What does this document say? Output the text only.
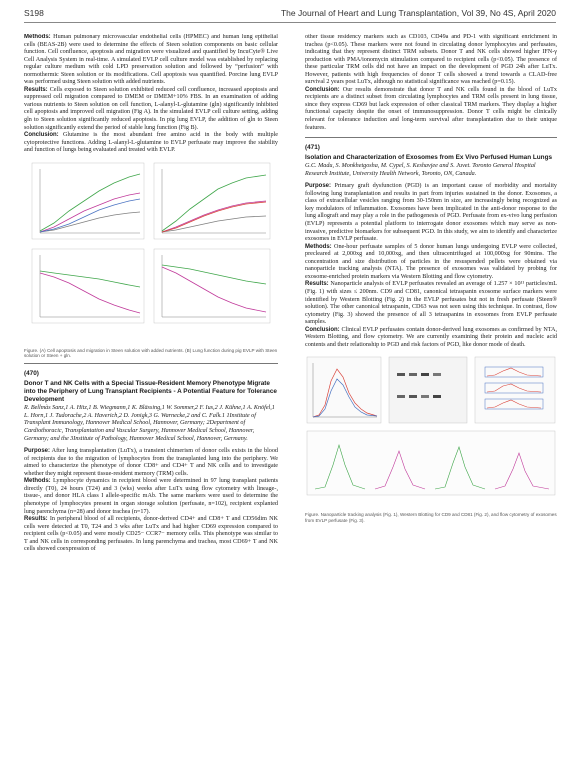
S198	The Journal of Heart and Lung Transplantation, Vol 39, No 4S, April 2020

Methods: Human pulmonary microvascular endothelial cells (HPMEC) and human lung epithelial cells (BEAS-2B) were used to determine the effects of Steen solution components on basic cellular function. Cell confluence, apoptosis and migration were visualized and quantified by IncuCyte® Live Cell Analysis System in real-time. A simulated EVLP cell culture model was established by replacing regular culture medium with cold LPD preservation solution and followed by “perfusion” with normothermic Steen solution or its modifications. Cell apoptosis was quantified. Porcine lung EVLP was performed using Steen solution with added nutrients.

Results: Cells exposed to Steen solution exhibited reduced cell confluence, increased apoptosis and suppressed cell migration compared to DMEM or DMEM+10% FBS. In an examination of adding various nutrients to Steen solution on cell function, L-alanyl-L-glutamine (gln) significantly inhibited cell apoptosis and improved cell migration (Fig A). In the simulated EVLP cell culture setting, adding gln to Steen solution significantly reduced apoptosis. In pig lung EVLP, the addition of gln to Steen solution significantly extend the period of stable lung function (Fig B).

Conclusion: Glutamine is the most abundant free amino acid in the body with multiple cytoprotective functions. Adding L-alanyl-L-glutamine to EVLP perfusate may improve the stability and function of lungs being evaluated and treated with EVLP.

Figure. (A) Cell apoptosis and migration in Steen solution with added nutrients. (B) Lung function during pig EVLP with Steen solution or Steen + gln.
(470)
Donor T and NK Cells with a Special Tissue-Resident Memory Phenotype Migrate into the Periphery of Lung Transplant Recipients - A Potential Feature for Tolerance Development
R. Bellmàs Sanz,1 A. Hitz,1 B. Wiegmann,1 K. Blässing,1 W. Sommer,2 F. Ius,2 J. Kühne,1 A. Knöfel,1 L. Horn,1 J. Tudorache,2 A. Haverich,2 D. Jonigk,3 G. Warnecke,2 and C. Falk.1 1Institute of Transplant Immunology, Hannover Medical School, Hannover, Germany; 2Department of Cardiothoracic, Transplantation and Vascular Surgery, Hannover Medical School, Hannover, Germany; and the 3Institute of Pathology, Hannover Medical School, Hannover, Germany.

Purpose: After lung transplantation (LuTx), a transient chimerism of donor cells exists in the blood of recipients due to the migration of lymphocytes from the transplanted lung into the periphery. We aimed to characterize the phenotype of donor CD8+ and CD4+ T and NK cells and to investigate whether they might represent tissue-resident memory (TRM) cells.

Methods: Lymphocyte dynamics in recipient blood were determined in 97 lung transplant patients directly (T0), 24 hours (T24) and 3 (wks) weeks after LuTx using flow cytometry with lineage-, tissue-, and donor HLA class I allele-specific mAb. The same markers were used to determine the phenotype of lymphocytes present in organ storage solution (perfusate, n=102), recipient explanted lung parenchyma (n=28) and donor trachea (n=17).

Results: In peripheral blood of all recipients, donor-derived CD4+ and CD8+ T and CD56dim NK cells were detected at T0, T24 and 3 wks after LuTx and had higher CD69 expression compared to recipient cells (p<0.05) and were mostly CD25− CCR7− memory cells. This phenotype was similar to T and NK cells in corresponding perfusates. In lung parenchyma and trachea, most CD69+ T and NK cells showed coexpression of

other tissue residency markers such as CD103, CD49a and PD-1 with significant enrichment in trachea (p<0.05). These markers were not found in circulating donor lymphocytes and perfusates, indicating that they represent distinct TRM subsets. Donor T and NK cells showed higher IFN-γ production with PMA/ionomycin stimulation compared to recipient cells (p<0.05). The presence of these particular TRM cells did not have an impact on the development of PGD 24h after LuTx. However, patients with high frequencies of donor T cells showed a trend towards a CLAD-free survival 2 years post LuTx, although no statistical significance was reached (p=0.15).

Conclusion: Our results demonstrate that donor T and NK cells found in the blood of LuTx recipients are a distinct subset from circulating lymphocytes and TRM cells present in lung tissue, since they express CD69 but lack expression of other classical TRM markers. They display a higher functional capacity despite the onset of immunosuppression. Donor T cells might be clinically relevant for tolerance induction and long-term survival after transplantation due to their unique features.

(471)
Isolation and Characterization of Exosomes from Ex Vivo Perfused Human Lungs
G.C. Madu, S. Monkhetgosha, M. Cypel, S. Keshavjee and S. Juvet. Toronto General Hospital Research Institute, University Health Network, Toronto, ON, Canada.

Purpose: Primary graft dysfunction (PGD) is an important cause of morbidity and mortality following lung transplantation and results in part from injuries sustained in the donor. Exosomes, a class of extracellular vesicles ranging from 30-150nm in size, are increasingly being recognized as key modulators of inflammation. Exosomes have been implicated in the anti-donor response to the lung allograft and may play a role in the pathogenesis of PGD. Perfusate from ex-vivo lung perfusion (EVLP) represents a potential platform to interrogate donor exosomes which may serve as non-invasive, predictive biomarkers for subsequent PGD. In this study, we aim to identify and characterize exosomes in EVLP perfusate.

Methods: One-hour perfusate samples of 5 donor human lungs undergoing EVLP were collected, precleared at 2,000xg and 10,000xg, and then ultracentrifuged at 100,000xg for 90mins. The concentration and size distribution of particles in the resuspended pellets were obtained via nanoparticle tracking analysis (NTA). The presence of exosomes was validated by probing for exosome-enriched protein markers via Western Blotting and flow cytometry.

Results: Nanoparticle analysis of EVLP perfusates revealed an average of 1.257 × 10¹¹ particles/mL (Fig. 1) with sizes ≤ 200nm. CD9 and CD81, canonical tetraspanin exosome surface markers were identified by Western Blotting (Fig. 2) in the EVLP perfusates but not in fresh perfusate (Steen® solution). The other canonical tetraspanin, CD63 was not seen using this technique. In contrast, flow cytometry (Fig. 3) showed the presence of all 3 tetraspanins in exosomes from EVLP perfusate samples.

Conclusion: Clinical EVLP perfusates contain donor-derived lung exosomes as confirmed by NTA, Western Blotting, and flow cytometry. We are currently examining their protein and nucleic acid contents and their relationship to PGD and risk factors of PGD, like donor mode of death.

Figure. Nanoparticle tracking analysis (Fig. 1), Western Blotting for CD9 and CD81 (Fig. 2), and flow cytometry of exosomes from EVLP perfusate (Fig. 3).
